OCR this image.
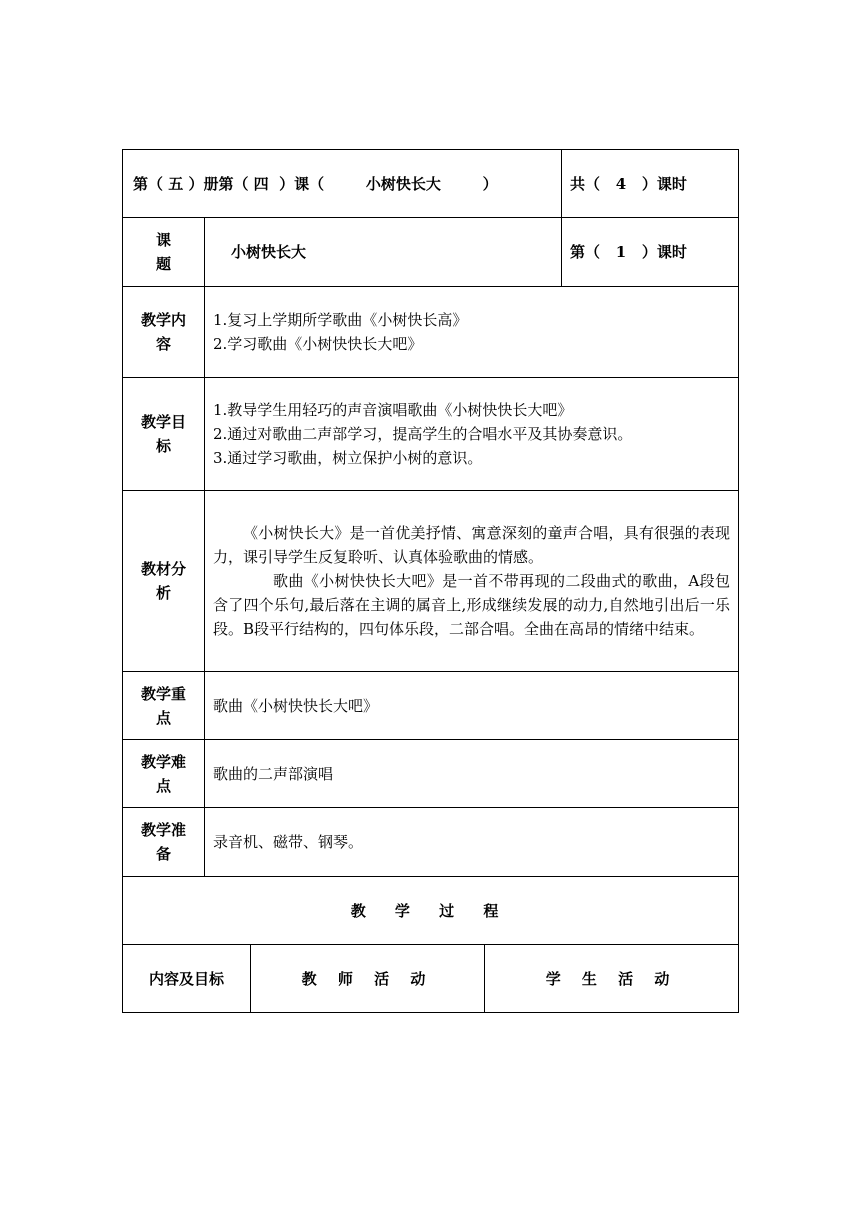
第（ 五 ）册第（ 四  ）课（        小树快长大        ）				共（   4   ）课时

课
题	小树快长大			第（   1   ）课时

教学内
容	1.复习上学期所学歌曲《小树快长高》
2.学习歌曲《小树快快长大吧》			

教学目
标	1.教导学生用轻巧的声音演唱歌曲《小树快快长大吧》
2.通过对歌曲二声部学习，提高学生的合唱水平及其协奏意识。
3.通过学习歌曲，树立保护小树的意识。			

教材分
析	《小树快长大》是一首优美抒情、寓意深刻的童声合唱，具有很强的表现力，课引导学生反复聆听、认真体验歌曲的情感。
歌曲《小树快快长大吧》是一首不带再现的二段曲式的歌曲，A段包含了四个乐句,最后落在主调的属音上,形成继续发展的动力,自然地引出后一乐段。B段平行结构的，四句体乐段，二部合唱。全曲在高昂的情绪中结束。			

教学重
点	歌曲《小树快快长大吧》			

教学难
点	歌曲的二声部演唱			

教学准
备	录音机、磁带、钢琴。			
教 学 过 程				
内容及目标		教 师 活 动	学 生 活 动	
